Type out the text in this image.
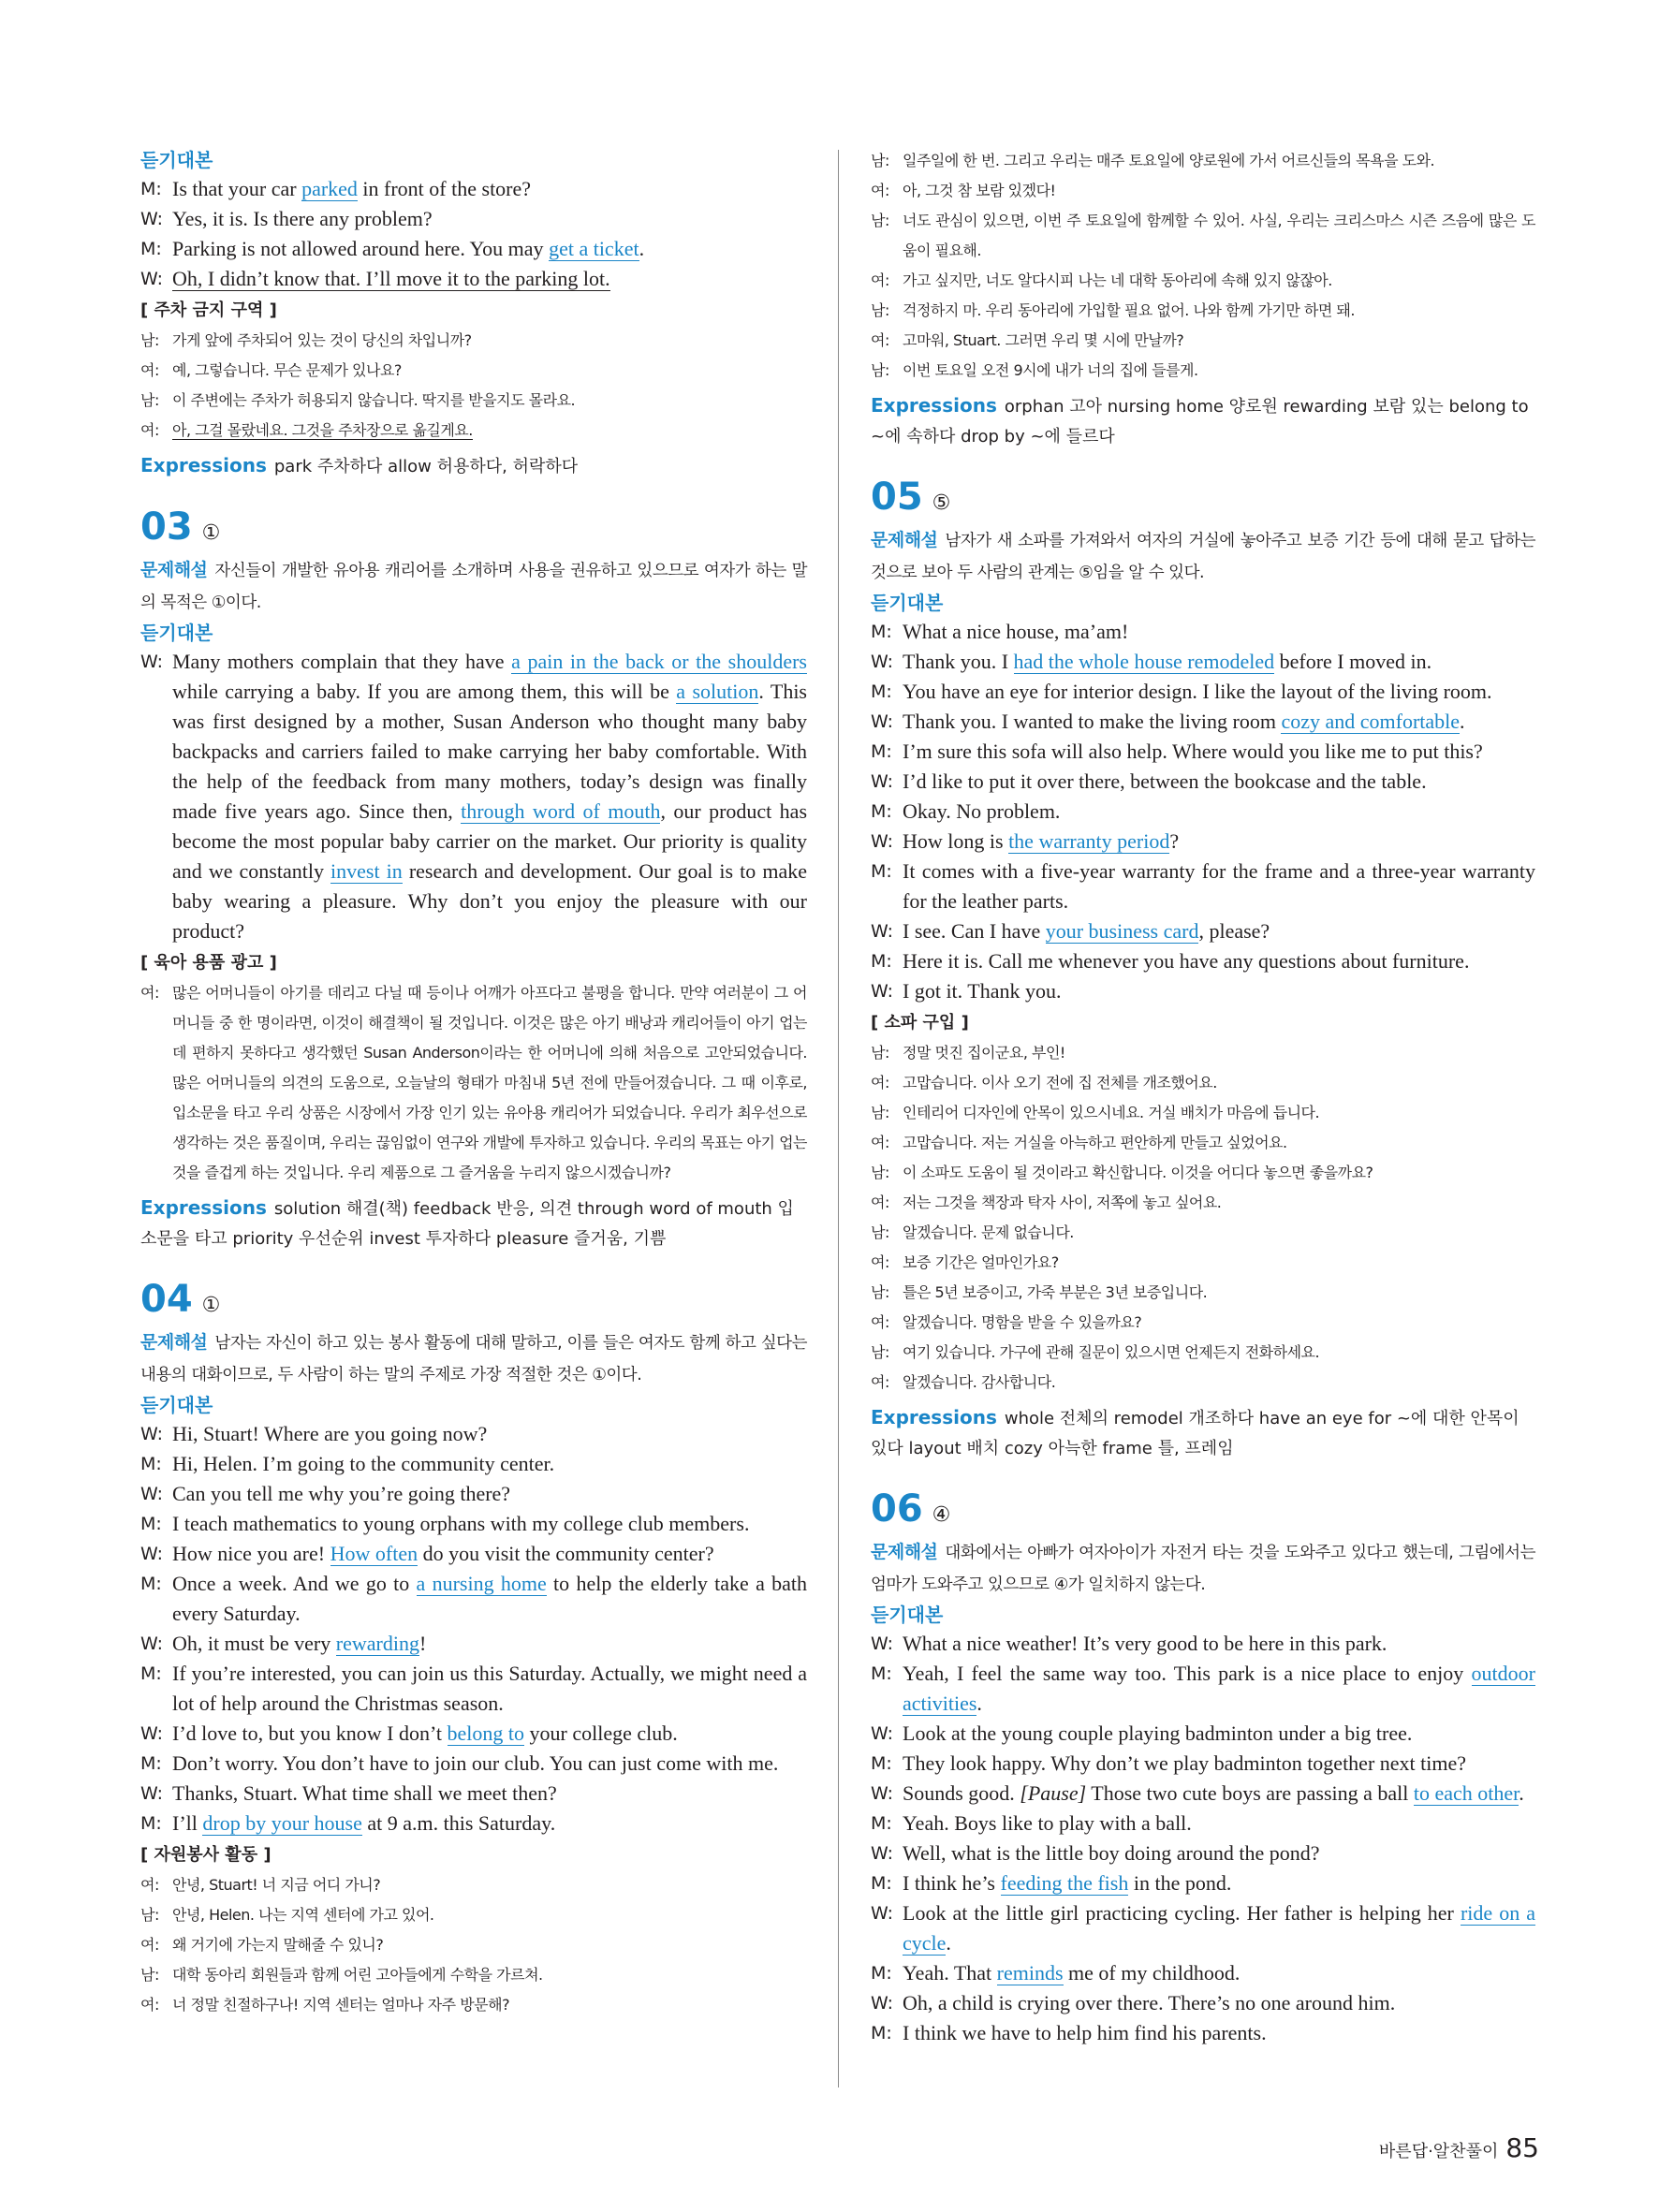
듣기대본
M: Is that your car parked in front of the store?
W: Yes, it is. Is there any problem?
M: Parking is not allowed around here. You may get a ticket.
W: Oh, I didn’t know that. I’ll move it to the parking lot.
[ 주차 금지 구역 ]
남: 가게 앞에 주차되어 있는 것이 당신의 차입니까?
여: 예, 그렇습니다. 무슨 문제가 있나요?
남: 이 주변에는 주차가 허용되지 않습니다. 딱지를 받을지도 몰라요.
여: 아, 그걸 몰랐네요. 그것을 주차장으로 옮길게요.
Expressions park 주차하다 allow 허용하다, 허락하다
03 ①
문제해설 자신들이 개발한 유아용 캐리어를 소개하며 사용을 권유하고 있으므로 여자가 하는 말의 목적은 ①이다.
듣기대본
W: Many mothers complain that they have a pain in the back or the shoulders while carrying a baby. If you are among them, this will be a solution. This was first designed by a mother, Susan Anderson who thought many baby backpacks and carriers failed to make carrying her baby comfortable. With the help of the feedback from many mothers, today’s design was finally made five years ago. Since then, through word of mouth, our product has become the most popular baby carrier on the market. Our priority is quality and we constantly invest in research and development. Our goal is to make baby wearing a pleasure. Why don’t you enjoy the pleasure with our product?
[ 육아 용품 광고 ]
여: 많은 어머니들이 아기를 데리고 다닐 때 등이나 어깨가 아프다고 불평을 합니다. 만약 여러분이 그 어머니들 중 한 명이라면, 이것이 해결책이 될 것입니다. 이것은 많은 아기 배낭과 캐리어들이 아기 업는 데 편하지 못하다고 생각했던 Susan Anderson이라는 한 어머니에 의해 처음으로 고안되었습니다. 많은 어머니들의 의견의 도움으로, 오늘날의 형태가 마침내 5년 전에 만들어졌습니다. 그 때 이후로, 입소문을 타고 우리 상품은 시장에서 가장 인기 있는 유아용 캐리어가 되었습니다. 우리가 최우선으로 생각하는 것은 품질이며, 우리는 끊임없이 연구와 개발에 투자하고 있습니다. 우리의 목표는 아기 업는 것을 즐겁게 하는 것입니다. 우리 제품으로 그 즐거움을 누리지 않으시겠습니까?
Expressions solution 해결(책) feedback 반응, 의견 through word of mouth 입소문을 타고 priority 우선순위 invest 투자하다 pleasure 즐거움, 기쁨
04 ①
문제해설 남자는 자신이 하고 있는 봉사 활동에 대해 말하고, 이를 들은 여자도 함께 하고 싶다는 내용의 대화이므로, 두 사람이 하는 말의 주제로 가장 적절한 것은 ①이다.
듣기대본
W: Hi, Stuart! Where are you going now?
M: Hi, Helen. I’m going to the community center.
W: Can you tell me why you’re going there?
M: I teach mathematics to young orphans with my college club members.
W: How nice you are! How often do you visit the community center?
M: Once a week. And we go to a nursing home to help the elderly take a bath every Saturday.
W: Oh, it must be very rewarding!
M: If you’re interested, you can join us this Saturday. Actually, we might need a lot of help around the Christmas season.
W: I’d love to, but you know I don’t belong to your college club.
M: Don’t worry. You don’t have to join our club. You can just come with me.
W: Thanks, Stuart. What time shall we meet then?
M: I’ll drop by your house at 9 a.m. this Saturday.
[ 자원봉사 활동 ]
여: 안녕, Stuart! 너 지금 어디 가니?
남: 안녕, Helen. 나는 지역 센터에 가고 있어.
여: 왜 거기에 가는지 말해줄 수 있니?
남: 대학 동아리 회원들과 함께 어린 고아들에게 수학을 가르쳐.
여: 너 정말 친절하구나! 지역 센터는 얼마나 자주 방문해?
남: 일주일에 한 번. 그리고 우리는 매주 토요일에 양로원에 가서 어르신들의 목욕을 도와.
여: 아, 그것 참 보람 있겠다!
남: 너도 관심이 있으면, 이번 주 토요일에 함께할 수 있어. 사실, 우리는 크리스마스 시즌 즈음에 많은 도움이 필요해.
여: 가고 싶지만, 너도 알다시피 나는 네 대학 동아리에 속해 있지 않잖아.
남: 걱정하지 마. 우리 동아리에 가입할 필요 없어. 나와 함께 가기만 하면 돼.
여: 고마워, Stuart. 그러면 우리 몇 시에 만날까?
남: 이번 토요일 오전 9시에 내가 너의 집에 들를게.
Expressions orphan 고아 nursing home 양로원 rewarding 보람 있는 belong to ~에 속하다 drop by ~에 들르다
05 ⑤
문제해설 남자가 새 소파를 가져와서 여자의 거실에 놓아주고 보증 기간 등에 대해 묻고 답하는 것으로 보아 두 사람의 관계는 ⑤임을 알 수 있다.
듣기대본
M: What a nice house, ma’am!
W: Thank you. I had the whole house remodeled before I moved in.
M: You have an eye for interior design. I like the layout of the living room.
W: Thank you. I wanted to make the living room cozy and comfortable.
M: I’m sure this sofa will also help. Where would you like me to put this?
W: I’d like to put it over there, between the bookcase and the table.
M: Okay. No problem.
W: How long is the warranty period?
M: It comes with a five-year warranty for the frame and a three-year warranty for the leather parts.
W: I see. Can I have your business card, please?
M: Here it is. Call me whenever you have any questions about furniture.
W: I got it. Thank you.
[ 소파 구입 ]
남: 정말 멋진 집이군요, 부인!
여: 고맙습니다. 이사 오기 전에 집 전체를 개조했어요.
남: 인테리어 디자인에 안목이 있으시네요. 거실 배치가 마음에 듭니다.
여: 고맙습니다. 저는 거실을 아늑하고 편안하게 만들고 싶었어요.
남: 이 소파도 도움이 될 것이라고 확신합니다. 이것을 어디다 놓으면 좋을까요?
여: 저는 그것을 책장과 탁자 사이, 저쪽에 놓고 싶어요.
남: 알겠습니다. 문제 없습니다.
여: 보증 기간은 얼마인가요?
남: 틀은 5년 보증이고, 가죽 부분은 3년 보증입니다.
여: 알겠습니다. 명함을 받을 수 있을까요?
남: 여기 있습니다. 가구에 관해 질문이 있으시면 언제든지 전화하세요.
여: 알겠습니다. 감사합니다.
Expressions whole 전체의 remodel 개조하다 have an eye for ~에 대한 안목이 있다 layout 배치 cozy 아늑한 frame 틀, 프레임
06 ④
문제해설 대화에서는 아빠가 여자아이가 자전거 타는 것을 도와주고 있다고 했는데, 그림에서는 엄마가 도와주고 있으므로 ④가 일치하지 않는다.
듣기대본
W: What a nice weather! It’s very good to be here in this park.
M: Yeah, I feel the same way too. This park is a nice place to enjoy outdoor activities.
W: Look at the young couple playing badminton under a big tree.
M: They look happy. Why don’t we play badminton together next time?
W: Sounds good. [Pause] Those two cute boys are passing a ball to each other.
M: Yeah. Boys like to play with a ball.
W: Well, what is the little boy doing around the pond?
M: I think he’s feeding the fish in the pond.
W: Look at the little girl practicing cycling. Her father is helping her ride on a cycle.
M: Yeah. That reminds me of my childhood.
W: Oh, a child is crying over there. There’s no one around him.
M: I think we have to help him find his parents.
바른답·알찬풀이 85
